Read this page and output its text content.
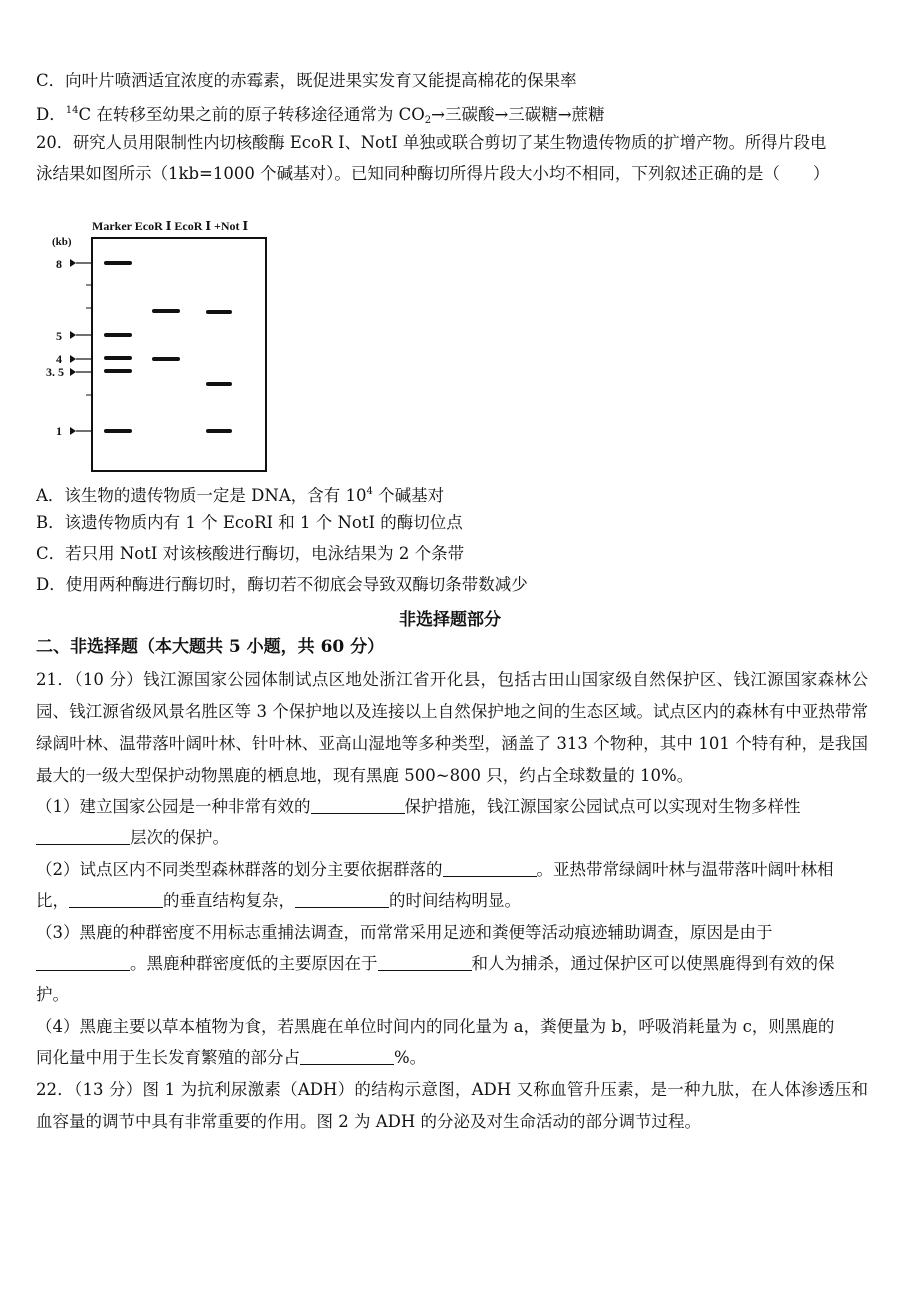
C．向叶片喷洒适宜浓度的赤霉素，既促进果实发育又能提高棉花的保果率
D．$^{14}$C 在转移至幼果之前的原子转移途径通常为 $CO_2\to$三碳酸→三碳糖→蔗糖
20．研究人员用限制性内切核酸酶 EcoR Ⅰ、NotI 单独或联合剪切了某生物遗传物质的扩增产物。所得片段电
泳结果如图所示（1kb=1000 个碱基对）。已知同种酶切所得片段大小均不相同，下列叙述正确的是（　　）
Marker EcoR Ⅰ EcoR Ⅰ +Not Ⅰ
(kb)
8
5
4
3. 5
1
A．该生物的遗传物质一定是 DNA，含有 $10^4$ 个碱基对
B．该遗传物质内有 1 个 EcoRI 和 1 个 NotI 的酶切位点
C．若只用 NotI 对该核酸进行酶切，电泳结果为 2 个条带
D．使用两种酶进行酶切时，酶切若不彻底会导致双酶切条带数减少
非选择题部分
二、非选择题（本大题共 5 小题，共 60 分）
21．（10 分）钱江源国家公园体制试点区地处浙江省开化县，包括古田山国家级自然保护区、钱江源国家森林公园、钱江源省级风景名胜区等 3 个保护地以及连接以上自然保护地之间的生态区域。试点区内的森林有中亚热带常绿阔叶林、温带落叶阔叶林、针叶林、亚高山湿地等多种类型，涵盖了 313 个物种，其中 101 个特有种，是我国最大的一级大型保护动物黑鹿的栖息地，现有黑鹿 500~800 只，约占全球数量的 10%。
（1）建立国家公园是一种非常有效的	保护措施，钱江源国家公园试点可以实现对生物多样性
层次的保护。
（2）试点区内不同类型森林群落的划分主要依据群落的	。亚热带常绿阔叶林与温带落叶阔叶林相
比，	的垂直结构复杂，	的时间结构明显。
（3）黑鹿的种群密度不用标志重捕法调查，而常常采用足迹和粪便等活动痕迹辅助调查，原因是由于
。黑鹿种群密度低的主要原因在于	和人为捕杀，通过保护区可以使黑鹿得到有效的保
护。
（4）黑鹿主要以草本植物为食，若黑鹿在单位时间内的同化量为 a，粪便量为 b，呼吸消耗量为 c，则黑鹿的
同化量中用于生长发育繁殖的部分占	%。
22．（13 分）图 1 为抗利尿激素（ADH）的结构示意图，ADH 又称血管升压素，是一种九肽，在人体渗透压和血容量的调节中具有非常重要的作用。图 2 为 ADH 的分泌及对生命活动的部分调节过程。
